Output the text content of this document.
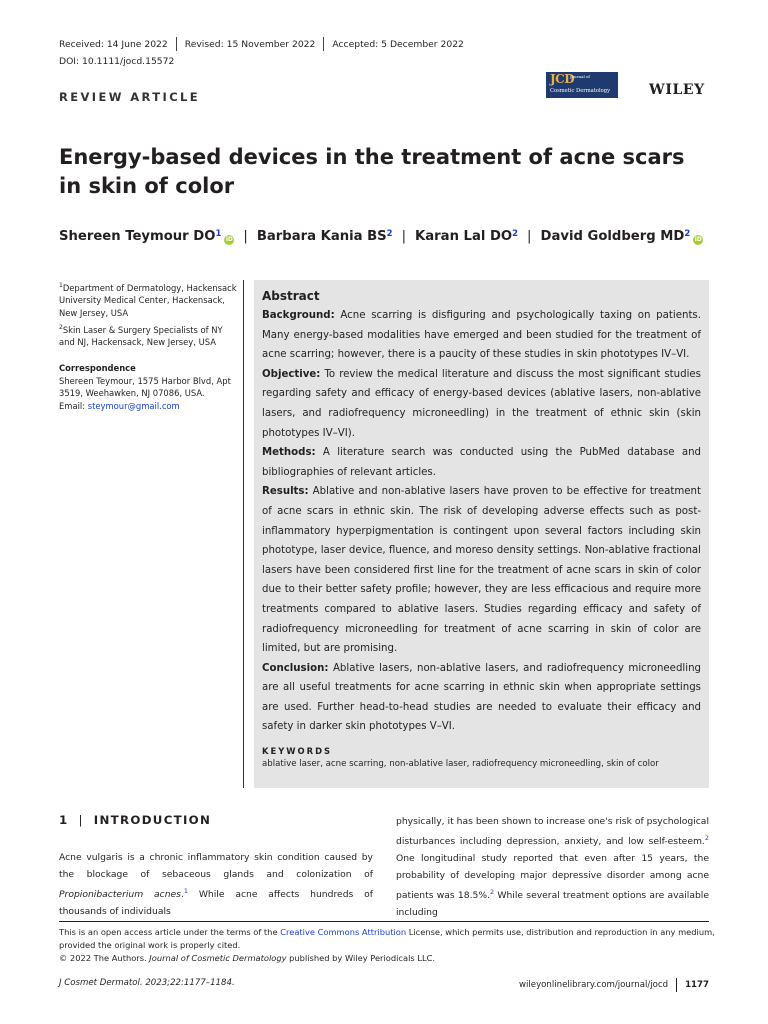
Received: 14 June 2022 Revised: 15 November 2022 Accepted: 5 December 2022
DOI: 10.1111/jocd.15572
REVIEW ARTICLE
JCD
Journal of
Cosmetic Dermatology	WILEY
Energy-based devices in the treatment of acne scars in skin of color
Shereen Teymour $DO^1$
iD | Barbara Kania $BS^2$ | Karan Lal $DO^2$ | David Goldberg $MD^2$
iD

$^1$Department of Dermatology, Hackensack University Medical Center, Hackensack, New Jersey, USA

$^2$Skin Laser & Surgery Specialists of NY and NJ, Hackensack, New Jersey, USA

Correspondence
Shereen Teymour, 1575 Harbor Blvd, Apt 3519, Weehawken, NJ 07086, USA.
Email: steymour@gmail.com
Abstract
Background: Acne scarring is disfiguring and psychologically taxing on patients. Many energy-based modalities have emerged and been studied for the treatment of acne scarring; however, there is a paucity of these studies in skin phototypes IV–VI.
Objective: To review the medical literature and discuss the most significant studies regarding safety and efficacy of energy-based devices (ablative lasers, non-ablative lasers, and radiofrequency microneedling) in the treatment of ethnic skin (skin phototypes IV–VI).
Methods: A literature search was conducted using the PubMed database and bibliographies of relevant articles.
Results: Ablative and non-ablative lasers have proven to be effective for treatment of acne scars in ethnic skin. The risk of developing adverse effects such as post-inflammatory hyperpigmentation is contingent upon several factors including skin phototype, laser device, fluence, and moreso density settings. Non-ablative fractional lasers have been considered first line for the treatment of acne scars in skin of color due to their better safety profile; however, they are less efficacious and require more treatments compared to ablative lasers. Studies regarding efficacy and safety of radiofrequency microneedling for treatment of acne scarring in skin of color are limited, but are promising.
Conclusion: Ablative lasers, non-ablative lasers, and radiofrequency microneedling are all useful treatments for acne scarring in ethnic skin when appropriate settings are used. Further head-to-head studies are needed to evaluate their efficacy and safety in darker skin phototypes V–VI.
KEYWORDS
ablative laser, acne scarring, non-ablative laser, radiofrequency microneedling, skin of color
1 | INTRODUCTION
Acne vulgaris is a chronic inflammatory skin condition caused by the blockage of sebaceous glands and colonization of Propionibacterium acnes.$^1$ While acne affects hundreds of thousands of individuals
physically, it has been shown to increase one's risk of psychological disturbances including depression, anxiety, and low self-esteem.$^2$ One longitudinal study reported that even after 15 years, the probability of developing major depressive disorder among acne patients was 18.5%.$^2$ While several treatment options are available including
This is an open access article under the terms of the Creative Commons Attribution License, which permits use, distribution and reproduction in any medium, provided the original work is properly cited.
© 2022 The Authors. Journal of Cosmetic Dermatology published by Wiley Periodicals LLC.
J Cosmet Dermatol. 2023;22:1177–1184.	wileyonlinelibrary.com/journal/jocd 1177
